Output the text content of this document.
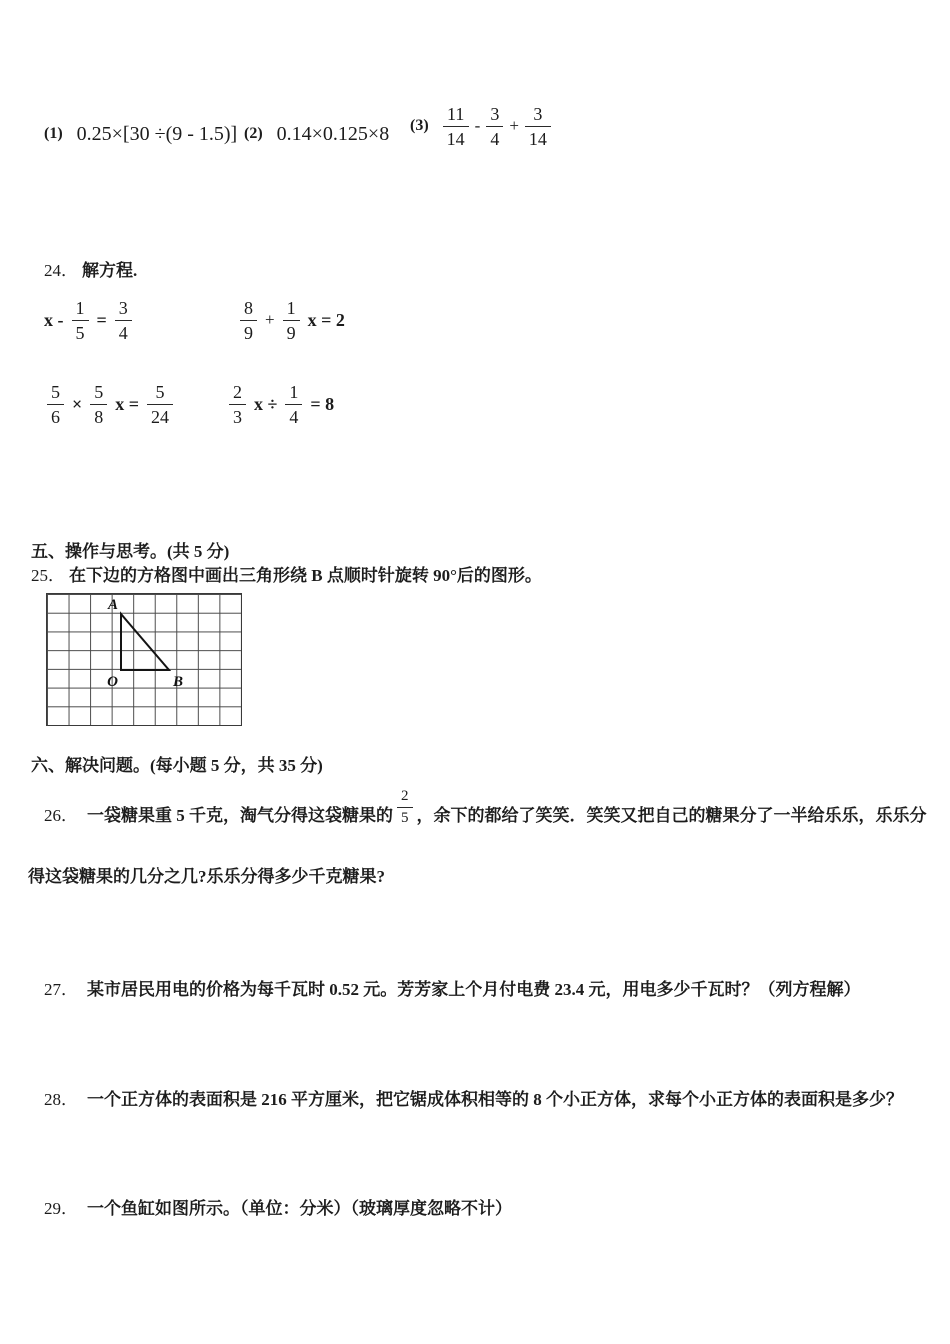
(1) 0.25×[30 ÷(9 - 1.5)] (2) 0.14×0.125×8 $(3) \frac{11}{14} - \frac{3}{4} + \frac{3}{14}$
24． 解方程.
$x - \frac{1}{5} = \frac{3}{4}$	$\frac{8}{9} + \frac{1}{9}$ x = 2
$\frac{5}{6} \times \frac{5}{8}$ $x = \frac{5}{24}$	$\frac{2}{3}$ $x \div \frac{1}{4} = 8$
五、操作与思考。(共 5 分)
25． 在下边的方格图中画出三角形绕 B 点顺时针旋转 90°后的图形。
A
O	B
六、解决问题。(每小题 5 分，共 35 分)
26． 一袋糖果重 5 千克，淘气分得这袋糖果的 $\frac{2}{5}$ ，余下的都给了笑笑．笑笑又把自己的糖果分了一半给乐乐，乐乐分
得这袋糖果的几分之几?乐乐分得多少千克糖果?
27． 某市居民用电的价格为每千瓦时 0.52 元。芳芳家上个月付电费 23.4 元，用电多少千瓦时？（列方程解）
28． 一个正方体的表面积是 216 平方厘米，把它锯成体积相等的 8 个小正方体，求每个小正方体的表面积是多少？
29． 一个鱼缸如图所示。（单位：分米）（玻璃厚度忽略不计）
